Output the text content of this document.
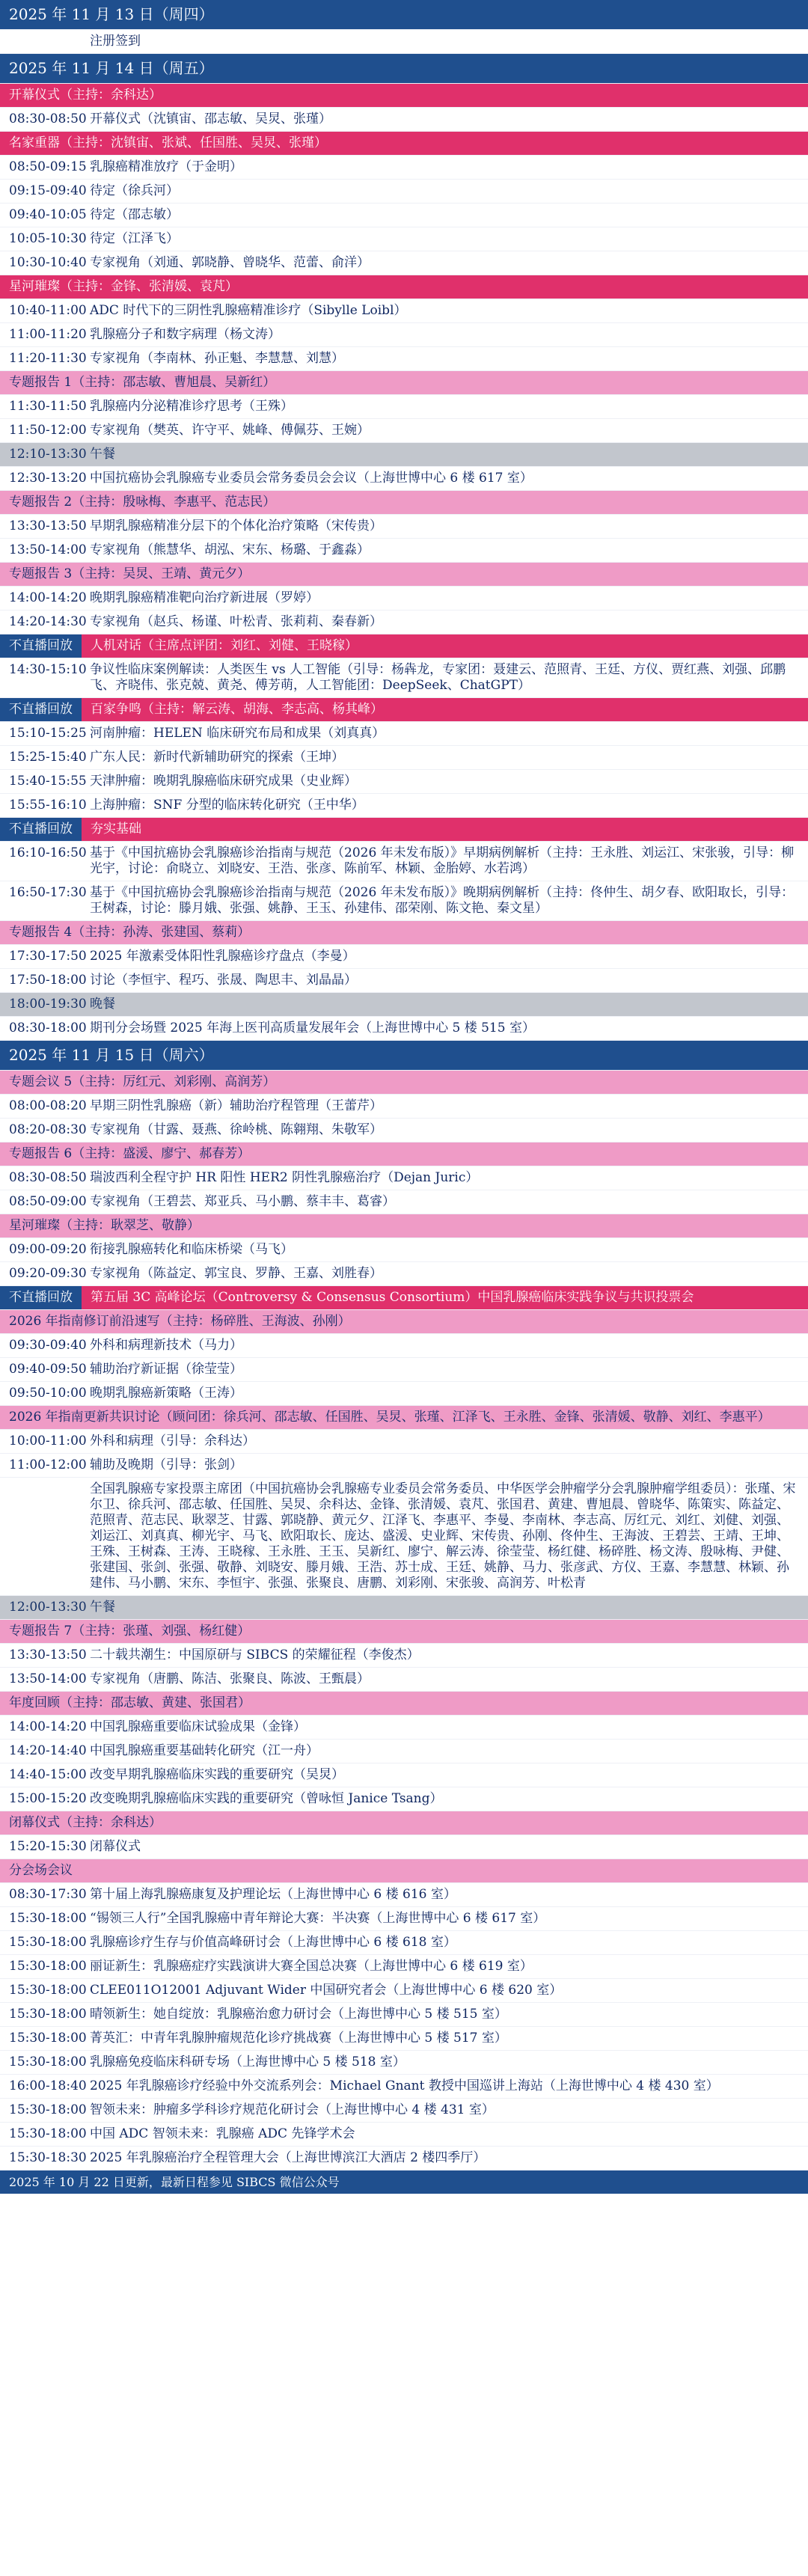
2025 年 11 月 13 日（周四）
注册签到
2025 年 11 月 14 日（周五）
开幕仪式（主持：余科达）
08:30-08:50 开幕仪式（沈镇宙、邵志敏、吴炅、张瑾）
名家重器（主持：沈镇宙、张斌、任国胜、吴炅、张瑾）
08:50-09:15 乳腺癌精准放疗（于金明）
09:15-09:40 待定（徐兵河）
09:40-10:05 待定（邵志敏）
10:05-10:30 待定（江泽飞）
10:30-10:40 专家视角（刘通、郭晓静、曾晓华、范蕾、俞洋）
星河璀璨（主持：金锋、张清媛、袁芃）
10:40-11:00 ADC 时代下的三阴性乳腺癌精准诊疗（Sibylle Loibl）
11:00-11:20 乳腺癌分子和数字病理（杨文涛）
11:20-11:30 专家视角（李南林、孙正魁、李慧慧、刘慧）
专题报告 1（主持：邵志敏、曹旭晨、吴新红）
11:30-11:50 乳腺癌内分泌精准诊疗思考（王殊）
11:50-12:00 专家视角（樊英、许守平、姚峰、傅佩芬、王婉）
12:10-13:30 午餐
12:30-13:20 中国抗癌协会乳腺癌专业委员会常务委员会会议（上海世博中心 6 楼 617 室）
专题报告 2（主持：殷咏梅、李惠平、范志民）
13:30-13:50 早期乳腺癌精准分层下的个体化治疗策略（宋传贵）
13:50-14:00 专家视角（熊慧华、胡泓、宋东、杨璐、于鑫淼）
专题报告 3（主持：吴炅、王靖、黄元夕）
14:00-14:20 晚期乳腺癌精准靶向治疗新进展（罗婷）
14:20-14:30 专家视角（赵兵、杨谨、叶松青、张莉莉、秦春新）
不直播回放	人机对话（主席点评团：刘红、刘健、王晓稼）
14:30-15:10 争议性临床案例解读：人类医生 vs 人工智能（引导：杨犇龙，专家团：聂建云、范照青、王廷、方仪、贾红燕、刘强、邱鹏飞、齐晓伟、张克兢、黄尧、傅芳萌，人工智能团：DeepSeek、ChatGPT）
不直播回放	百家争鸣（主持：解云涛、胡海、李志高、杨其峰）
15:10-15:25 河南肿瘤：HELEN 临床研究布局和成果（刘真真）
15:25-15:40 广东人民：新时代新辅助研究的探索（王坤）
15:40-15:55 天津肿瘤：晚期乳腺癌临床研究成果（史业辉）
15:55-16:10 上海肿瘤：SNF 分型的临床转化研究（王中华）
不直播回放	夯实基础
16:10-16:50 基于《中国抗癌协会乳腺癌诊治指南与规范（2026 年未发布版）》早期病例解析（主持：王永胜、刘运江、宋张骏，引导：柳光宇，讨论：俞晓立、刘晓安、王浩、张彦、陈前军、林颖、金胎婷、水若鸿）
16:50-17:30 基于《中国抗癌协会乳腺癌诊治指南与规范（2026 年未发布版）》晚期病例解析（主持：佟仲生、胡夕春、欧阳取长，引导：王树森，讨论：滕月娥、张强、姚静、王玉、孙建伟、邵荣刚、陈文艳、秦文星）
专题报告 4（主持：孙涛、张建国、蔡莉）
17:30-17:50 2025 年激素受体阳性乳腺癌诊疗盘点（李曼）
17:50-18:00 讨论（李恒宇、程巧、张晟、陶思丰、刘晶晶）
18:00-19:30 晚餐
08:30-18:00 期刊分会场暨 2025 年海上医刊高质量发展年会（上海世博中心 5 楼 515 室）
2025 年 11 月 15 日（周六）
专题会议 5（主持：厉红元、刘彩刚、高润芳）
08:00-08:20 早期三阴性乳腺癌（新）辅助治疗程管理（王蕾芹）
08:20-08:30 专家视角（甘露、聂燕、徐岭桃、陈翱翔、朱敬军）
专题报告 6（主持：盛湲、廖宁、郝春芳）
08:30-08:50 瑞波西利全程守护 HR 阳性 HER2 阴性乳腺癌治疗（Dejan Juric）
08:50-09:00 专家视角（王碧芸、郑亚兵、马小鹏、蔡丰丰、葛睿）
星河璀璨（主持：耿翠芝、敬静）
09:00-09:20 衔接乳腺癌转化和临床桥梁（马飞）
09:20-09:30 专家视角（陈益定、郭宝良、罗静、王嘉、刘胜春）
不直播回放	第五届 3C 高峰论坛（Controversy & Consensus Consortium）中国乳腺癌临床实践争议与共识投票会
2026 年指南修订前沿速写（主持：杨碎胜、王海波、孙刚）
09:30-09:40 外科和病理新技术（马力）
09:40-09:50 辅助治疗新证据（徐莹莹）
09:50-10:00 晚期乳腺癌新策略（王涛）
2026 年指南更新共识讨论（顾问团：徐兵河、邵志敏、任国胜、吴炅、张瑾、江泽飞、王永胜、金锋、张清媛、敬静、刘红、李惠平）
10:00-11:00 外科和病理（引导：余科达）
11:00-12:00 辅助及晚期（引导：张剑）
全国乳腺癌专家投票主席团（中国抗癌协会乳腺癌专业委员会常务委员、中华医学会肿瘤学分会乳腺肿瘤学组委员）：张瑾、宋尔卫、徐兵河、邵志敏、任国胜、吴炅、余科达、金锋、张清媛、袁芃、张国君、黄建、曹旭晨、曾晓华、陈策实、陈益定、范照青、范志民、耿翠芝、甘露、郭晓静、黄元夕、江泽飞、李惠平、李曼、李南林、李志高、厉红元、刘红、刘健、刘强、刘运江、刘真真、柳光宇、马飞、欧阳取长、庞达、盛湲、史业辉、宋传贵、孙刚、佟仲生、王海波、王碧芸、王靖、王坤、王殊、王树森、王涛、王晓稼、王永胜、王玉、吴新红、廖宁、解云涛、徐莹莹、杨红健、杨碎胜、杨文涛、殷咏梅、尹健、张建国、张剑、张强、敬静、刘晓安、滕月娥、王浩、苏士成、王廷、姚静、马力、张彦武、方仪、王嘉、李慧慧、林颖、孙建伟、马小鹏、宋东、李恒宇、张强、张聚良、唐鹏、刘彩刚、宋张骏、高润芳、叶松青
12:00-13:30 午餐
专题报告 7（主持：张瑾、刘强、杨红健）
13:30-13:50 二十载共潮生：中国原研与 SIBCS 的荣耀征程（李俊杰）
13:50-14:00 专家视角（唐鹏、陈洁、张聚良、陈波、王甄晨）
年度回顾（主持：邵志敏、黄建、张国君）
14:00-14:20 中国乳腺癌重要临床试验成果（金锋）
14:20-14:40 中国乳腺癌重要基础转化研究（江一舟）
14:40-15:00 改变早期乳腺癌临床实践的重要研究（吴炅）
15:00-15:20 改变晚期乳腺癌临床实践的重要研究（曾咏恒 Janice Tsang）
闭幕仪式（主持：余科达）
15:20-15:30 闭幕仪式
分会场会议
08:30-17:30 第十届上海乳腺癌康复及护理论坛（上海世博中心 6 楼 616 室）
15:30-18:00 “锡领三人行”全国乳腺癌中青年辩论大赛：半决赛（上海世博中心 6 楼 617 室）
15:30-18:00 乳腺癌诊疗生存与价值高峰研讨会（上海世博中心 6 楼 618 室）
15:30-18:00 丽证新生：乳腺癌症疗实践演讲大赛全国总决赛（上海世博中心 6 楼 619 室）
15:30-18:00 CLEE011O12001 Adjuvant Wider 中国研究者会（上海世博中心 6 楼 620 室）
15:30-18:00 晴领新生：她自绽放：乳腺癌治愈力研讨会（上海世博中心 5 楼 515 室）
15:30-18:00 菁英汇：中青年乳腺肿瘤规范化诊疗挑战赛（上海世博中心 5 楼 517 室）
15:30-18:00 乳腺癌免疫临床科研专场（上海世博中心 5 楼 518 室）
16:00-18:40 2025 年乳腺癌诊疗经验中外交流系列会：Michael Gnant 教授中国巡讲上海站（上海世博中心 4 楼 430 室）
15:30-18:00 智领未来：肿瘤多学科诊疗规范化研讨会（上海世博中心 4 楼 431 室）
15:30-18:00 中国 ADC 智领未来：乳腺癌 ADC 先锋学术会
15:30-18:30 2025 年乳腺癌治疗全程管理大会（上海世博滨江大酒店 2 楼四季厅）
2025 年 10 月 22 日更新，最新日程参见 SIBCS 微信公众号
